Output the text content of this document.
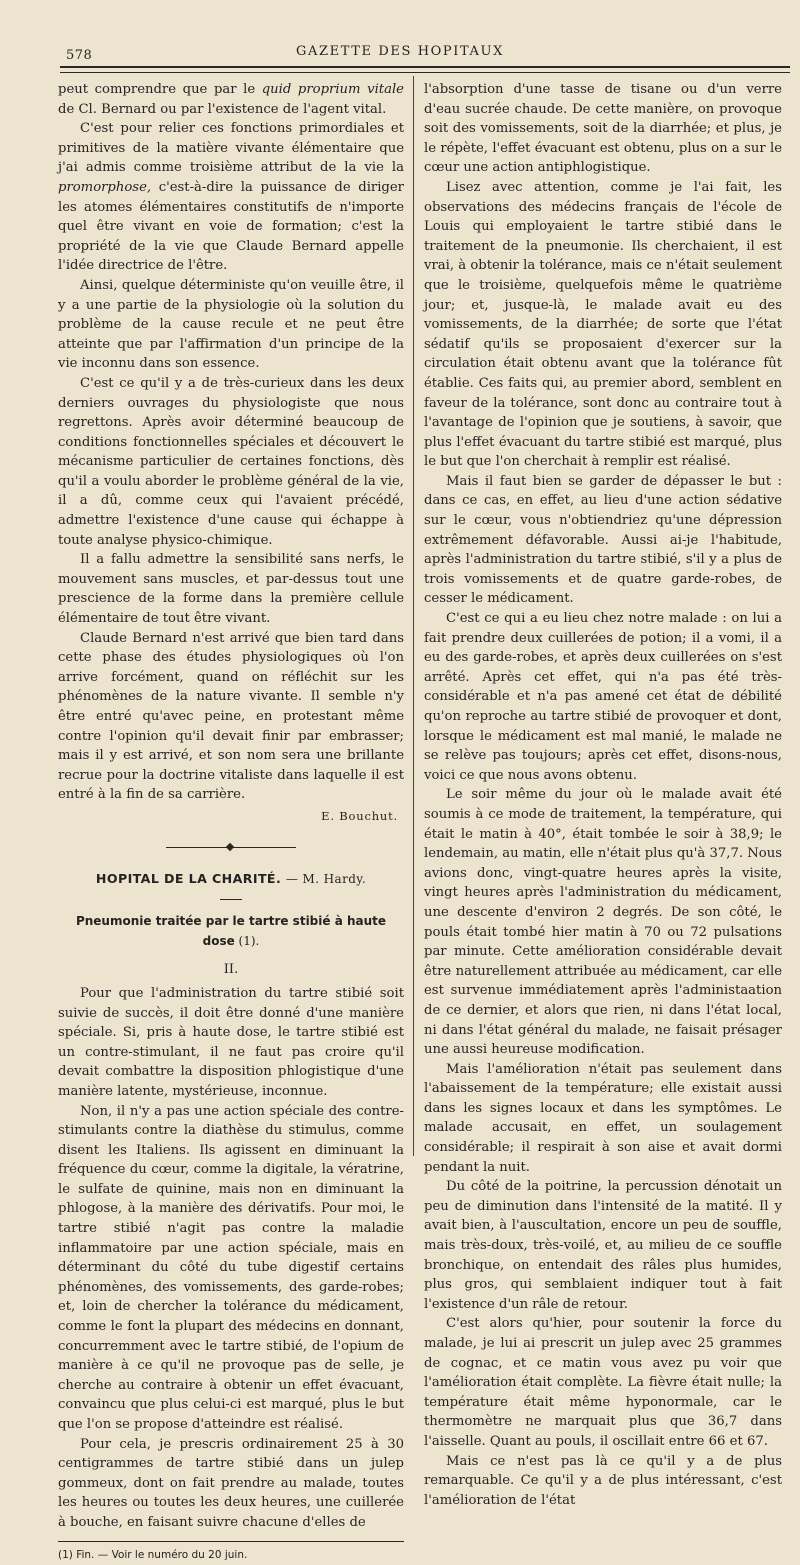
578	GAZETTE DES HOPITAUX

peut comprendre que par le quid proprium vitale de Cl. Bernard ou par l'existence de l'agent vital.

C'est pour relier ces fonctions primordiales et primitives de la matière vivante élémentaire que j'ai admis comme troisième attribut de la vie la promorphose, c'est-à-dire la puissance de diriger les atomes élémentaires constitutifs de n'importe quel être vivant en voie de formation; c'est la propriété de la vie que Claude Bernard appelle l'idée directrice de l'être.

Ainsi, quelque déterministe qu'on veuille être, il y a une partie de la physiologie où la solution du problème de la cause recule et ne peut être atteinte que par l'affirmation d'un principe de la vie inconnu dans son essence.

C'est ce qu'il y a de très-curieux dans les deux derniers ouvrages du physiologiste que nous regrettons. Après avoir déterminé beaucoup de conditions fonctionnelles spéciales et découvert le mécanisme particulier de certaines fonctions, dès qu'il a voulu aborder le problème général de la vie, il a dû, comme ceux qui l'avaient précédé, admettre l'existence d'une cause qui échappe à toute analyse physico-chimique.

Il a fallu admettre la sensibilité sans nerfs, le mouvement sans muscles, et par-dessus tout une prescience de la forme dans la première cellule élémentaire de tout être vivant.

Claude Bernard n'est arrivé que bien tard dans cette phase des études physiologiques où l'on arrive forcément, quand on réfléchit sur les phénomènes de la nature vivante. Il semble n'y être entré qu'avec peine, en protestant même contre l'opinion qu'il devait finir par embrasser; mais il y est arrivé, et son nom sera une brillante recrue pour la doctrine vitaliste dans laquelle il est entré à la fin de sa carrière.

E. Bouchut.
HOPITAL DE LA CHARITÉ. — M. Hardy.
Pneumonie traitée par le tartre stibié à haute dose (1).
II.

Pour que l'administration du tartre stibié soit suivie de succès, il doit être donné d'une manière spéciale. Si, pris à haute dose, le tartre stibié est un contre-stimulant, il ne faut pas croire qu'il devait combattre la disposition phlogistique d'une manière latente, mystérieuse, inconnue.

Non, il n'y a pas une action spéciale des contre-stimulants contre la diathèse du stimulus, comme disent les Italiens. Ils agissent en diminuant la fréquence du cœur, comme la digitale, la vératrine, le sulfate de quinine, mais non en diminuant la phlogose, à la manière des dérivatifs. Pour moi, le tartre stibié n'agit pas contre la maladie inflammatoire par une action spéciale, mais en déterminant du côté du tube digestif certains phénomènes, des vomissements, des garde-robes; et, loin de chercher la tolérance du médicament, comme le font la plupart des médecins en donnant, concurremment avec le tartre stibié, de l'opium de manière à ce qu'il ne provoque pas de selle, je cherche au contraire à obtenir un effet évacuant, convaincu que plus celui-ci est marqué, plus le but que l'on se propose d'atteindre est réalisé.

Pour cela, je prescris ordinairement 25 à 30 centigrammes de tartre stibié dans un julep gommeux, dont on fait prendre au malade, toutes les heures ou toutes les deux heures, une cuillerée à bouche, en faisant suivre chacune d'elles de

(1) Fin. — Voir le numéro du 20 juin.

l'absorption d'une tasse de tisane ou d'un verre d'eau sucrée chaude. De cette manière, on provoque soit des vomissements, soit de la diarrhée; et plus, je le répète, l'effet évacuant est obtenu, plus on a sur le cœur une action antiphlogistique.

Lisez avec attention, comme je l'ai fait, les observations des médecins français de l'école de Louis qui employaient le tartre stibié dans le traitement de la pneumonie. Ils cherchaient, il est vrai, à obtenir la tolérance, mais ce n'était seulement que le troisième, quelquefois même le quatrième jour; et, jusque-là, le malade avait eu des vomissements, de la diarrhée; de sorte que l'état sédatif qu'ils se proposaient d'exercer sur la circulation était obtenu avant que la tolérance fût établie. Ces faits qui, au premier abord, semblent en faveur de la tolérance, sont donc au contraire tout à l'avantage de l'opinion que je soutiens, à savoir, que plus l'effet évacuant du tartre stibié est marqué, plus le but que l'on cherchait à remplir est réalisé.

Mais il faut bien se garder de dépasser le but : dans ce cas, en effet, au lieu d'une action sédative sur le cœur, vous n'obtiendriez qu'une dépression extrêmement défavorable. Aussi ai-je l'habitude, après l'administration du tartre stibié, s'il y a plus de trois vomissements et de quatre garde-robes, de cesser le médicament.

C'est ce qui a eu lieu chez notre malade : on lui a fait prendre deux cuillerées de potion; il a vomi, il a eu des garde-robes, et après deux cuillerées on s'est arrêté. Après cet effet, qui n'a pas été très-considérable et n'a pas amené cet état de débilité qu'on reproche au tartre stibié de provoquer et dont, lorsque le médicament est mal manié, le malade ne se relève pas toujours; après cet effet, disons-nous, voici ce que nous avons obtenu.

Le soir même du jour où le malade avait été soumis à ce mode de traitement, la température, qui était le matin à 40°, était tombée le soir à 38,9; le lendemain, au matin, elle n'était plus qu'à 37,7. Nous avions donc, vingt-quatre heures après la visite, vingt heures après l'administration du médicament, une descente d'environ 2 degrés. De son côté, le pouls était tombé hier matin à 70 ou 72 pulsations par minute. Cette amélioration considérable devait être naturellement attribuée au médicament, car elle est survenue immédiatement après l'administaation de ce dernier, et alors que rien, ni dans l'état local, ni dans l'état général du malade, ne faisait présager une aussi heureuse modification.

Mais l'amélioration n'était pas seulement dans l'abaissement de la température; elle existait aussi dans les signes locaux et dans les symptômes. Le malade accusait, en effet, un soulagement considérable; il respirait à son aise et avait dormi pendant la nuit.

Du côté de la poitrine, la percussion dénotait un peu de diminution dans l'intensité de la matité. Il y avait bien, à l'auscultation, encore un peu de souffle, mais très-doux, très-voilé, et, au milieu de ce souffle bronchique, on entendait des râles plus humides, plus gros, qui semblaient indiquer tout à fait l'existence d'un râle de retour.

C'est alors qu'hier, pour soutenir la force du malade, je lui ai prescrit un julep avec 25 grammes de cognac, et ce matin vous avez pu voir que l'amélioration était complète. La fièvre était nulle; la température était même hyponormale, car le thermomètre ne marquait plus que 36,7 dans l'aisselle. Quant au pouls, il oscillait entre 66 et 67.

Mais ce n'est pas là ce qu'il y a de plus remarquable. Ce qu'il y a de plus intéressant, c'est l'amélioration de l'état
